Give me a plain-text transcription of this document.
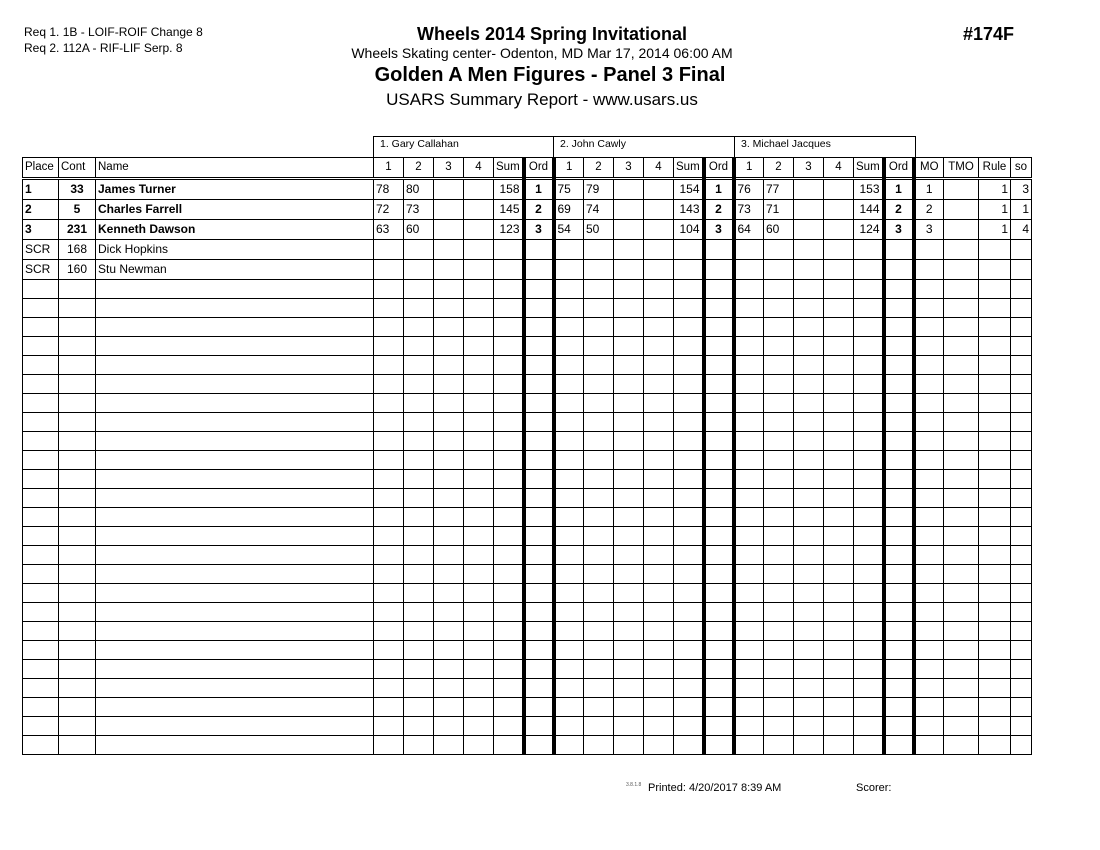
Req 1. 1B - LOIF-ROIF Change 8
Req 2. 112A - RIF-LIF Serp. 8
Wheels 2014 Spring Invitational
Wheels Skating center- Odenton, MD Mar 17, 2014 06:00 AM
Golden A Men Figures - Panel 3 Final
USARS Summary Report - www.usars.us
#174F
1. Gary Callahan	2. John Cawly	3. Michael Jacques
Place	Cont	Name	1	2	3	4	Sum	Ord	1	2	3	4	Sum	Ord	1	2	3	4	Sum	Ord	MO	TMO	Rule	so
1	33	James Turner	78	80			158	1	75	79			154	1	76	77			153	1	1		1	3
2	5	Charles Farrell	72	73			145	2	69	74			143	2	73	71			144	2	2		1	1
3	231	Kenneth Dawson	63	60			123	3	54	50			104	3	64	60			124	3	3		1	4
SCR	168	Dick Hopkins																						
SCR	160	Stu Newman																						

3.8.1.8 Printed: 4/20/2017 8:39 AM	Scorer:
